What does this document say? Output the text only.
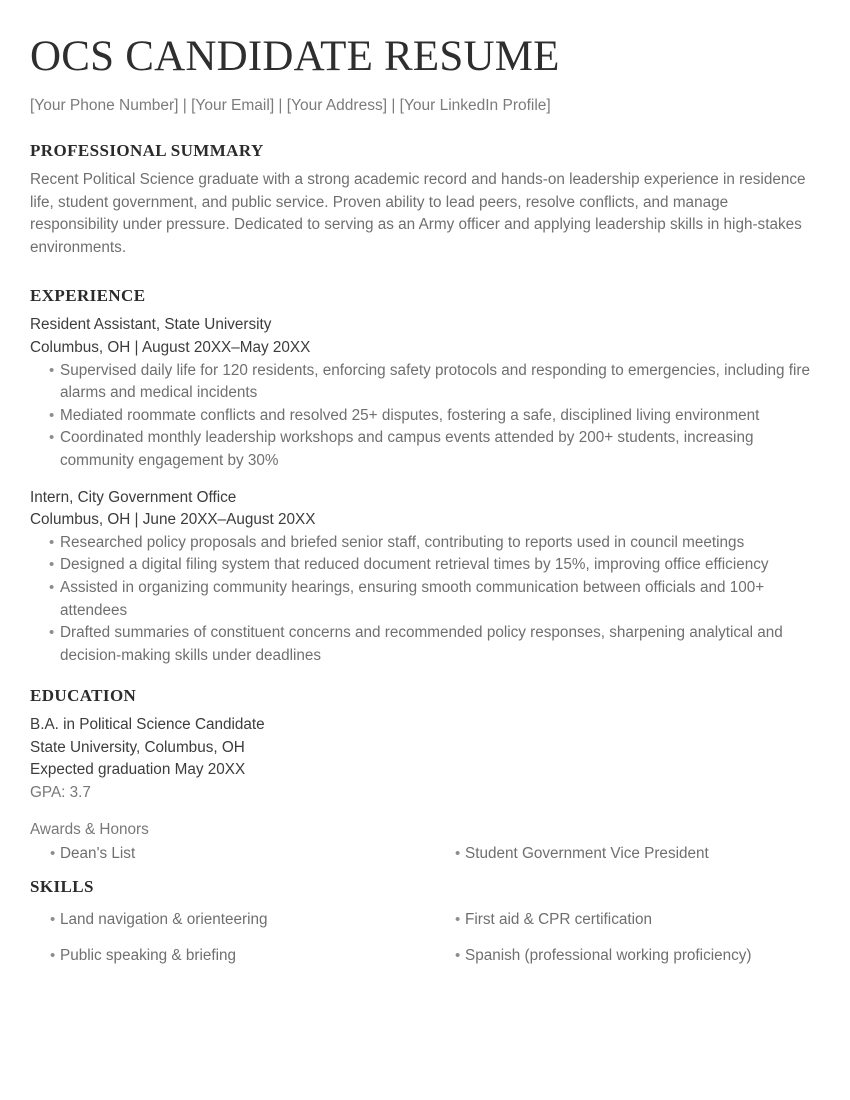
OCS CANDIDATE RESUME
[Your Phone Number] | [Your Email] | [Your Address] | [Your LinkedIn Profile]
PROFESSIONAL SUMMARY

Recent Political Science graduate with a strong academic record and hands-on leadership experience in residence life, student government, and public service. Proven ability to lead peers, resolve conflicts, and manage responsibility under pressure. Dedicated to serving as an Army officer and applying leadership skills in high-stakes environments.

EXPERIENCE
Resident Assistant, State University
Columbus, OH | August 20XX–May 20XX
• Supervised daily life for 120 residents, enforcing safety protocols and responding to emergencies, including fire alarms and medical incidents
• Mediated roommate conflicts and resolved 25+ disputes, fostering a safe, disciplined living environment
• Coordinated monthly leadership workshops and campus events attended by 200+ students, increasing community engagement by 30%
Intern, City Government Office
Columbus, OH | June 20XX–August 20XX
• Researched policy proposals and briefed senior staff, contributing to reports used in council meetings
• Designed a digital filing system that reduced document retrieval times by 15%, improving office efficiency
• Assisted in organizing community hearings, ensuring smooth communication between officials and 100+ attendees
• Drafted summaries of constituent concerns and recommended policy responses, sharpening analytical and decision-making skills under deadlines
EDUCATION
B.A. in Political Science Candidate
State University, Columbus, OH
Expected graduation May 20XX
GPA: 3.7
Awards & Honors
• Dean's List	• Student Government Vice President
SKILLS
• Land navigation & orienteering	• First aid & CPR certification
• Public speaking & briefing	• Spanish (professional working proficiency)
